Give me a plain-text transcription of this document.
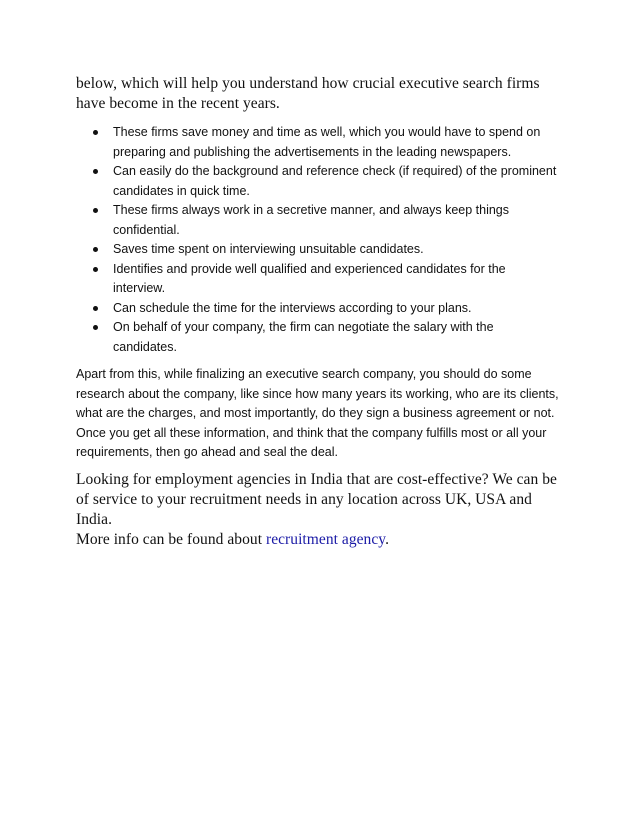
below, which will help you understand how crucial executive search firms
have become in the recent years.

These firms save money and time as well, which you would have to spend on
preparing and publishing the advertisements in the leading newspapers.
Can easily do the background and reference check (if required) of the prominent
candidates in quick time.
These firms always work in a secretive manner, and always keep things
confidential.
Saves time spent on interviewing unsuitable candidates.
Identifies and provide well qualified and experienced candidates for the
interview.
Can schedule the time for the interviews according to your plans.
On behalf of your company, the firm can negotiate the salary with the
candidates.

Apart from this, while finalizing an executive search company, you should do some
research about the company, like since how many years its working, who are its clients,
what are the charges, and most importantly, do they sign a business agreement or not.
Once you get all these information, and think that the company fulfills most or all your
requirements, then go ahead and seal the deal.

Looking for employment agencies in India that are cost-effective? We can be
of service to your recruitment needs in any location across UK, USA and India.
More info can be found about recruitment agency.
